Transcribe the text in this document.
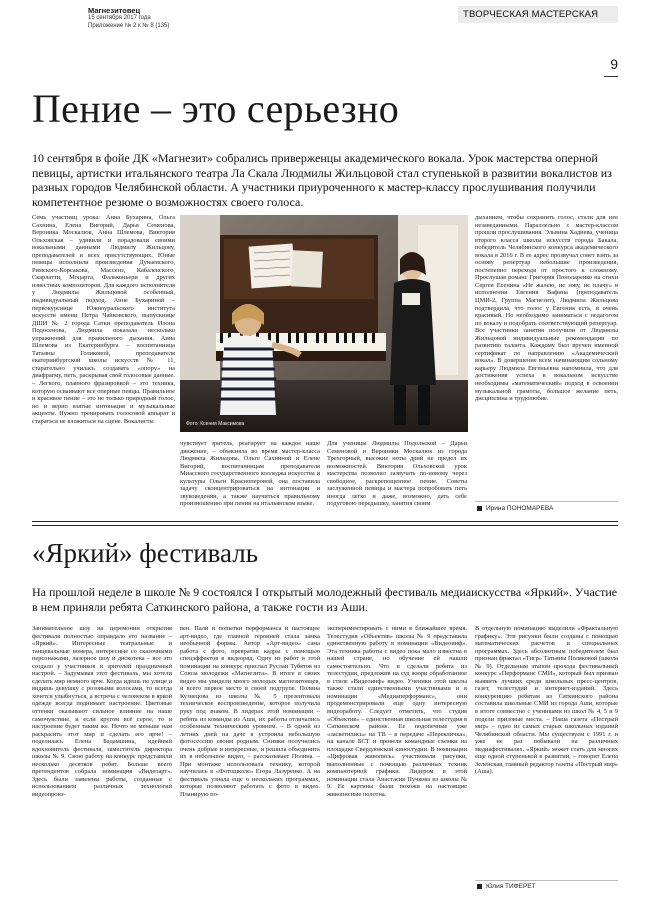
Магнезитовец
15 сентября 2017 года
Приложение № 2 к № 8 (135)
ТВОРЧЕСКАЯ МАСТЕРСКАЯ
9
Пение – это серьезно
10 сентября в фойе ДК «Магнезит» собрались приверженцы академического вокала. Урок мастерства оперной певицы, артистки итальянского театра Ла Скала Людмилы Жильцовой стал ступенькой в развитии вокалистов из разных городов Челябинской области. А участники приуроченного к мастер-классу прослушивания получили компетентное резюме о возможностях своего голоса.
Семь участниц урока: Анна Бухарина, Ольга Сахнина, Елена Вигорий, Дарья Семенова, Вероника Москалюк, Анна Шлемова, Виктория Ольховская – удивили и порадовали своими вокальными данными Людмилу Жильцову, преподавателей и всех присутствующих. Юные певицы исполнили произведения Дунаевского, Римского-Корсакова, Массенэ, Кабалевского, Скарлатти, Моцарта, Фальконьери и других известных композиторов. Для каждого исполнителя у Людмилы Жильцовой особенный, индивидуальный подход. Анне Бухариной – первокурснице Южноуральского института искусств имени Петра Чайковского, выпускнице ДШИ № 2 города Сатки преподаватель Илона Подосенова, Людмила показала несколько упражнений для правильного дыхания. Анна Шлемова из Екатеринбурга – воспитанница Татьяны Голиковой, преподавателя екатеринбургской школы искусств № 11, старательно училась создавать «опору» на диафрагму, петь, раскрывая свой голосовые данные. – Легкого, плавного фразировкой – это техника, которую осваивают все оперные певцы. Правильное и красивое пение – это не только природный голос, но и верно взятые интонация и музыкальные акценты. Нужно тренировать голосовой аппарат и стараться не вложиться на сцене. Вокалисты	Фото: Ксения Максимова
чувствует зритель, реагирует на каждое наше движение, – объясняла во время мастер-класса Людмила Жильцова. Ольге Сахниной и Елене Вигорий, воспитанницам преподавателя Миасского государственного колледжа искусства и культуры Ольги Красноперовой, она поставила задачу сконцентрироваться на интонации и звуковедении, а также научиться правильному произношению при пении на итальянском языке.
Для ученицы Людмилы Подольской – Дарьи Семеновой и Вероники Москалюк из города Трехгорный, высокие ноты дрий не предел их возможностей. Виктория Ольховской урок мастерства позволил зазвучать по-новому через свободное, раскрепощенное пение. Советы заслуженной певицы и мастера попробовать петь иногда легко и даже, возможно, дать себе подуговою передышку, занятия своим
дыханием, чтобы сохранить голос, стали для нее незаведанными. Параллельно с мастер-классом прошли прослушивания. Эльвина Хадиева, ученица второго класса школы искусств города Бакала, победитель Челябинского конкурса академического вокала в 2016 г. В ее адрес прозвучал совет взять за основу репертуар небольшие произведения, постепенно переходя от простого к сложному. Прослушав романс Григория Поноларенко на стихи Сергея Есенина «Не жалею, не зову, не плачу» в исполнении Евгения Вафина (преподаватель ЦМИ-2, Группа Магнезит), Людмила Жильцова подтвердила, что голос у Евгения есть, и очень красивый. Но необходимо заниматься с педагогом по вокалу и подобрать соответствующий репертуар. Все участники занятия получили от Людмилы Жильцовой индивидуальные рекомендации по развитию таланта. Каждому был вручен именной сертификат по направлению «Академический вокал». В довершение всем начинающим сольному карьеру Людмила Евгеньевна напомнила, что для достижения успеха в вокальном искусстве необходимы «математический» подход в освоении музыкальной грамоты, большое желание петь, дисциплина и трудолюбие.
Ирина ПОНОМАРЕВА
«Яркий» фестиваль
На прошлой неделе в школе № 9 состоялся I открытый молодежный фестиваль медиаискусства «Яркий». Участие в нем приняли ребята Саткинского района, а также гости из Аши.
Занимательное шоу на церемонии открытия фестиваля полностью оправдало его название – «Яркий». Интересные театральные и танцевальные номера, интересные со сказочными персонажами, лазерное шоу и дискотека – все это создало у участников и зрителей праздничный настрой. – Задумывая этот фестиваль, мы хотели сделать мир немного ярче. Когда идешь по улице и видишь девушку с розовыми волосами, то всегда хочется улыбнуться, а встреча с человеком в яркой одежде всегда поднимает настроение. Цветовые оттенки оказывают сильное влияние на наше самочувствие, и если кругом всё серое, то и настроение будет таким же. Нечто не меньше нам раскрасить этот мир и сделать его ярче! – поделилась Елена Бадамшина, идейный вдохновитель фестиваля, заместитель директора школы № 9. Свою работу на конкурс представили несколько десятков ребят. Больше всего претендентов собрала номинация «Видеоарт». Здесь были заявлены работы, созданные с использованием различных технологий видеопроиз-
вен. Пали и попытки перформанса и настоящее арт-видео, где главной героиней стала замка необычной формы. Автор «Арт-видео» сама работа с фото, превратив кадры с помощью спецэффектов в видеоряд. Одну из работ в этой номинации на конкурс прислал Руслан Тубятов из Союза молодежи «Магнезита». В итоге в своих видео мы увидели много молодых магнезитовцев, и всего первое место в своей подгрупе. Полина Кузнецова из школы № 5 презентовала техническое воспроизведение, которое получила руку под знаком. В лидерах этой номинации – ребята из команды из Аши, их работы отличались особенным техническим уровнем. – В одной из летних дней на даче я устроила небольшую фотосессию своим родным. Снимки получились очень добрые и интересные, и решила объединить их в небольшое видео, – рассказывает Полина. – При монтаже использовала технику, которой научилась в «Фотошколе» Егора Лазуренко. А на фестиваль узнала еще о нескольких программах, которые позволяют работать с фото и видео. Планирую по-
экспериментировать с ними в ближайшее время. Телестудия «Объектив» школы № 9 представила единственную работу в номинации «Видеоинф». Эта техника работы с видео пока мало известна в нашей стране, но обучение ей нашли самостоятельно. Что и сделали ребята из телестудии, предложив на суд жюри обработанное в стиле «Видеоинф» видео. Ученики этой школы также стали единственными участниками и в номинации «Медиаперформанс», они продемонстрировали еще одну интересную видеоработу. Следует отметить, что студия «Объектив» – единственная школьная телестудия в Саткинском районе. Ее подопечные уже «засветились» на ТВ – в передаче «Перекличка», на канале БСТ и провели командные съемки на площадке Свердловской киностудии. В номинации «Цифровая живопись» участвовали рисунки, выполненные с помощью различных техник компьютерной графики. Лидером в этой номинации стала Анастасия Пучкова из школы № 9. Ее картины были похожи на настоящие живописные полотна.
В отдельную номинацию выделили «Фрактальную графику». Эти рисунки были созданы с помощью математических расчетов в специальных программах. Здесь абсолютным победителем был признан фрактал «Тигр» Татьяны Поляковой (школа № 9). Отдельным этапом прохода фестивальный конкурс «Перформанс СМИ», который был призван выявить лучших среди школьных пресс-центров, газет, телестудий и интернет-изданий. Здесь конкуренцию ребятам из Саткинского района составила школьные СМИ из города Аши, которые в итоге совместно с учениками из школ № 4, 5 и 9 подели призовые места. – Наша газета «Пестрый мир» – одно из самых старых школьных изданий Челябинской области. Мы существуем с 1991 г. и уже не раз побывали на различных медиафестивалях. «Яркий» может стать для многих еще одной ступенькой в развитии, – говорит Елена Зеленская, главный редактор газеты «Пестрый мир» (Аша).
Юлия ТИФЕРЕТ
